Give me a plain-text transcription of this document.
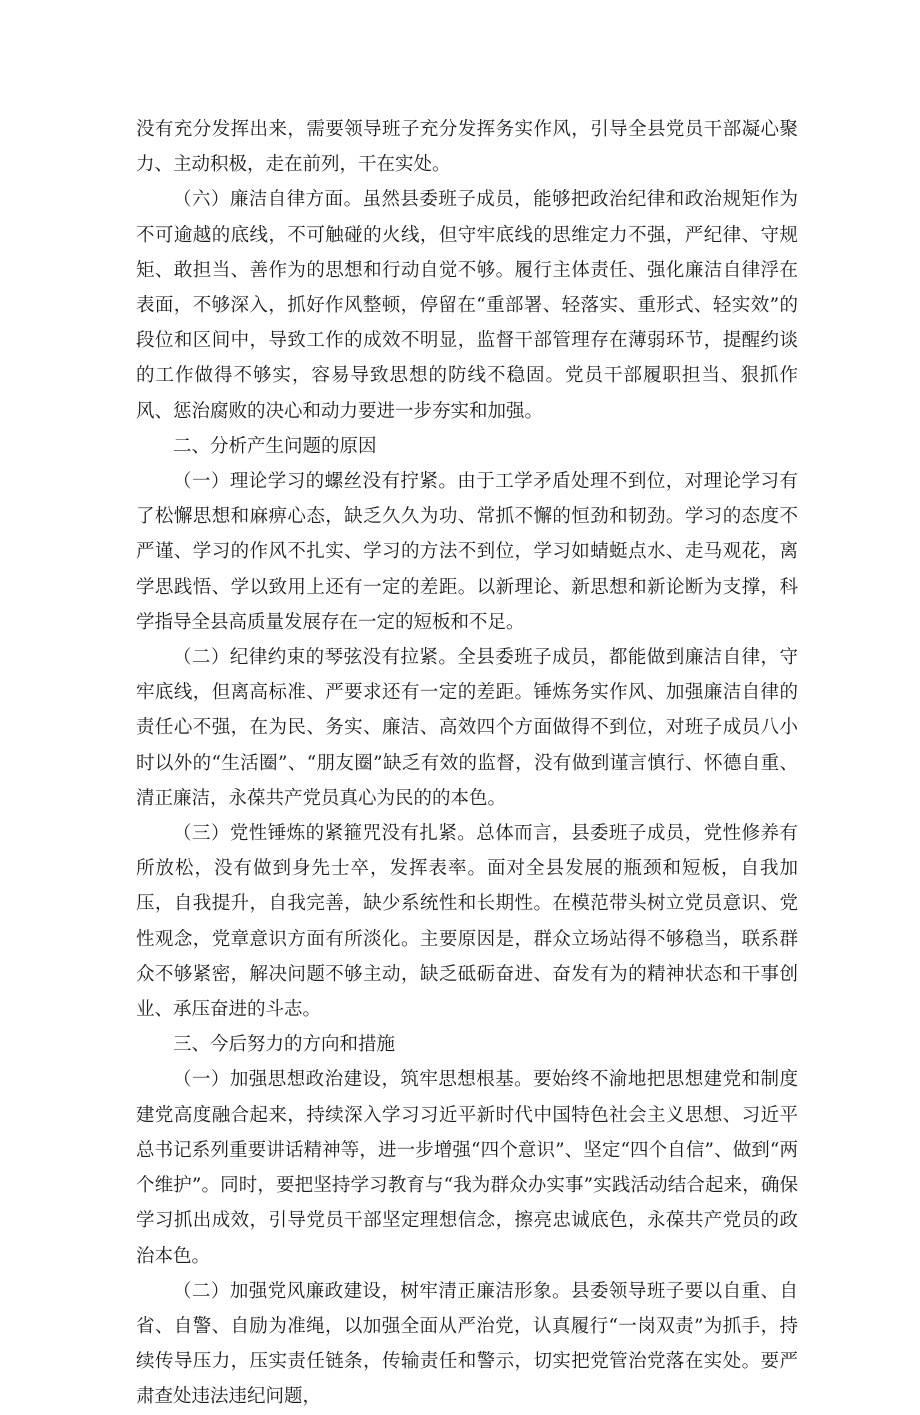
没有充分发挥出来，需要领导班子充分发挥务实作风，引导全县党员干部凝心聚力、主动积极，走在前列，干在实处。

（六）廉洁自律方面。虽然县委班子成员，能够把政治纪律和政治规矩作为不可逾越的底线，不可触碰的火线，但守牢底线的思维定力不强，严纪律、守规矩、敢担当、善作为的思想和行动自觉不够。履行主体责任、强化廉洁自律浮在表面，不够深入，抓好作风整顿，停留在“重部署、轻落实、重形式、轻实效”的段位和区间中，导致工作的成效不明显，监督干部管理存在薄弱环节，提醒约谈的工作做得不够实，容易导致思想的防线不稳固。党员干部履职担当、狠抓作风、惩治腐败的决心和动力要进一步夯实和加强。

二、分析产生问题的原因

（一）理论学习的螺丝没有拧紧。由于工学矛盾处理不到位，对理论学习有了松懈思想和麻痹心态，缺乏久久为功、常抓不懈的恒劲和韧劲。学习的态度不严谨、学习的作风不扎实、学习的方法不到位，学习如蜻蜓点水、走马观花，离学思践悟、学以致用上还有一定的差距。以新理论、新思想和新论断为支撑，科学指导全县高质量发展存在一定的短板和不足。

（二）纪律约束的琴弦没有拉紧。全县委班子成员，都能做到廉洁自律，守牢底线，但离高标准、严要求还有一定的差距。锤炼务实作风、加强廉洁自律的责任心不强，在为民、务实、廉洁、高效四个方面做得不到位，对班子成员八小时以外的“生活圈”、“朋友圈”缺乏有效的监督，没有做到谨言慎行、怀德自重、清正廉洁，永葆共产党员真心为民的的本色。

（三）党性锤炼的紧箍咒没有扎紧。总体而言，县委班子成员，党性修养有所放松，没有做到身先士卒，发挥表率。面对全县发展的瓶颈和短板，自我加压，自我提升，自我完善，缺少系统性和长期性。在模范带头树立党员意识、党性观念，党章意识方面有所淡化。主要原因是，群众立场站得不够稳当，联系群众不够紧密，解决问题不够主动，缺乏砥砺奋进、奋发有为的精神状态和干事创业、承压奋进的斗志。

三、今后努力的方向和措施

（一）加强思想政治建设，筑牢思想根基。要始终不渝地把思想建党和制度建党高度融合起来，持续深入学习习近平新时代中国特色社会主义思想、习近平总书记系列重要讲话精神等，进一步增强“四个意识”、坚定“四个自信”、做到“两个维护”。同时，要把坚持学习教育与“我为群众办实事”实践活动结合起来，确保学习抓出成效，引导党员干部坚定理想信念，擦亮忠诚底色，永葆共产党员的政治本色。

（二）加强党风廉政建设，树牢清正廉洁形象。县委领导班子要以自重、自省、自警、自励为准绳，以加强全面从严治党，认真履行“一岗双责”为抓手，持续传导压力，压实责任链条，传输责任和警示，切实把党管治党落在实处。要严肃查处违法违纪问题，
